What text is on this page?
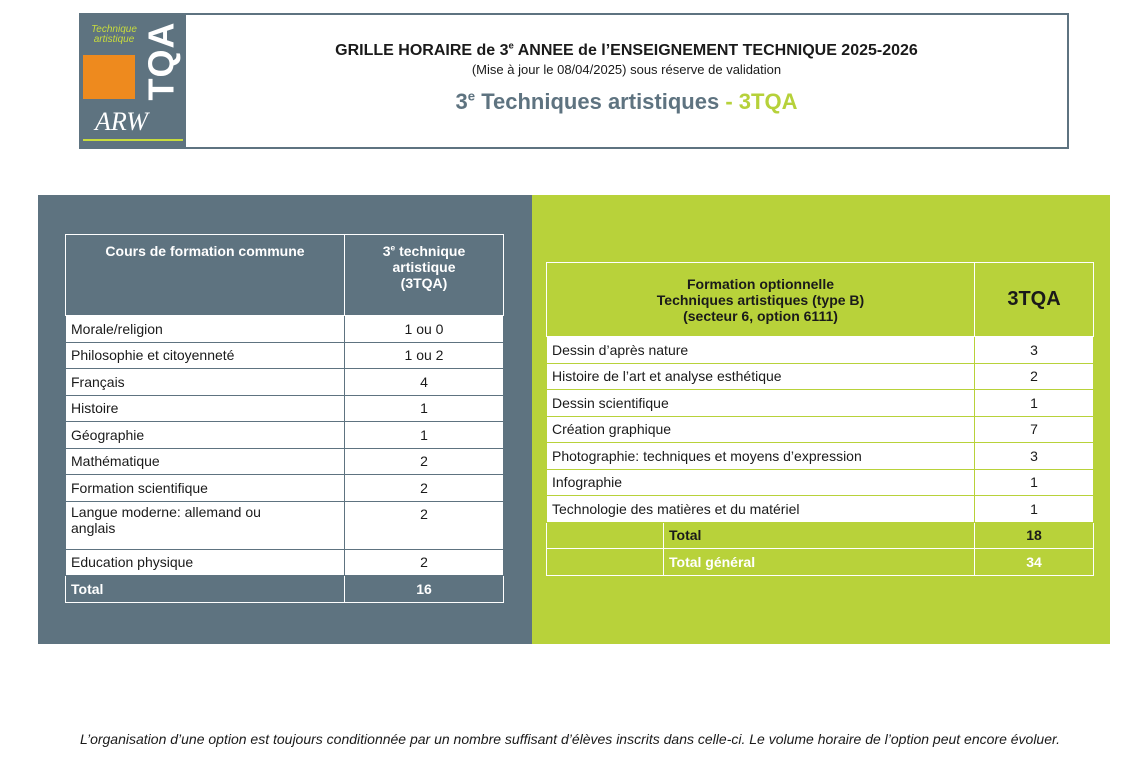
Technique artistique TQA
ARW
GRILLE HORAIRE de 3e ANNEE de l’ENSEIGNEMENT TECHNIQUE 2025-2026
(Mise à jour le 08/04/2025) sous réserve de validation
3e Techniques artistiques - 3TQA
Cours de formation commune	3e technique
artistique
(3TQA)
Morale/religion	1 ou 0
Philosophie et citoyenneté	1 ou 2
Français	4
Histoire	1
Géographie	1
Mathématique	2
Formation scientifique	2
Langue moderne: allemand ou anglais	2
Education physique	2
Total	16
Formation optionnelle
Techniques artistiques (type B)
(secteur 6, option 6111)		3TQA
Dessin d’après nature		3
Histoire de l’art et analyse esthétique		2
Dessin scientifique		1
Création graphique		7
Photographie: techniques et moyens d’expression		3
Infographie		1
Technologie des matières et du matériel		1
	Total	18
	Total général	34
L’organisation d’une option est toujours conditionnée par un nombre suffisant d’élèves inscrits dans celle-ci. Le volume horaire de l’option peut encore évoluer.
